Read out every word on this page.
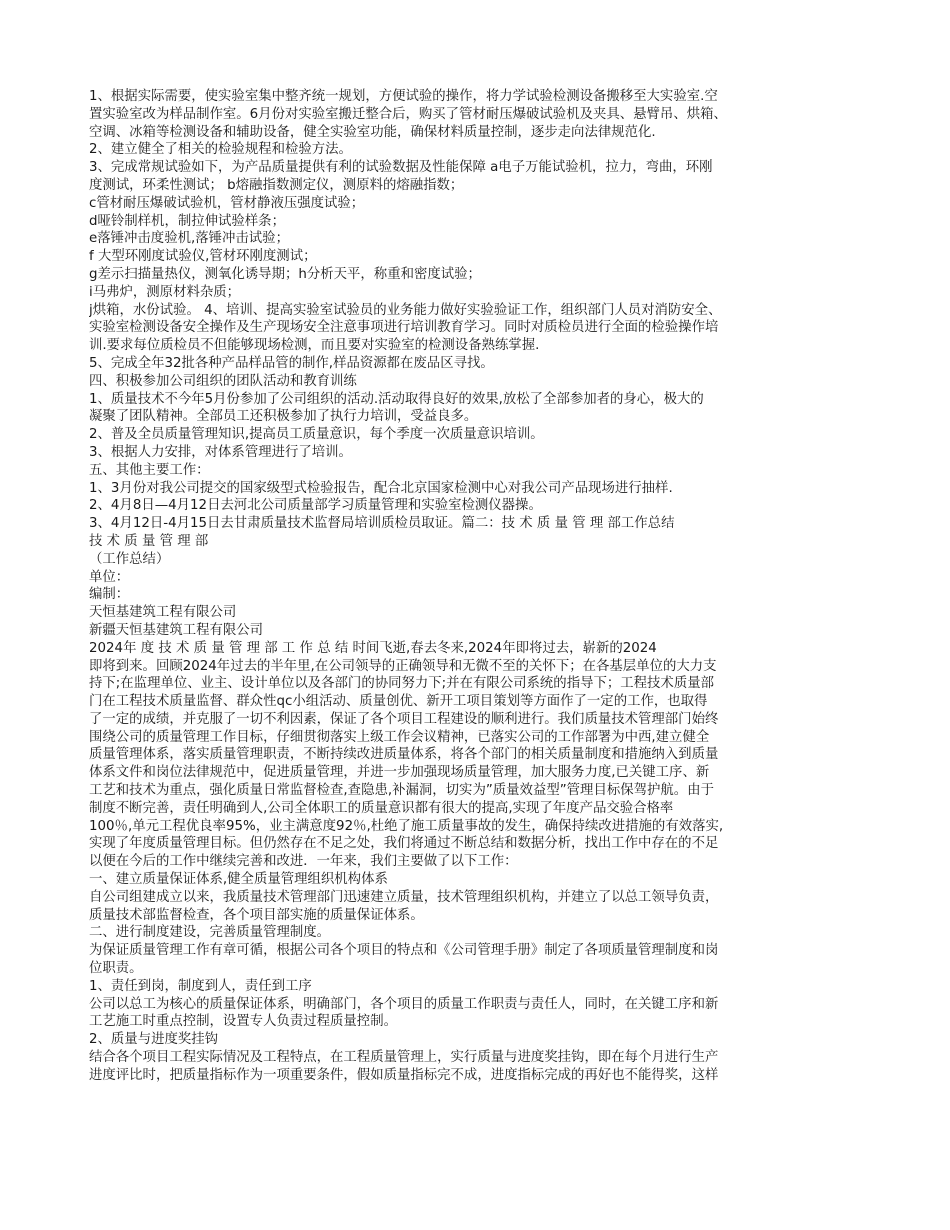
1、根据实际需要，使实验室集中整齐统一规划，方便试验的操作，将力学试验检测设备搬移至大实验室.空
置实验室改为样品制作室。6月份对实验室搬迁整合后，购买了管材耐压爆破试验机及夹具、悬臂吊、烘箱、
空调、冰箱等检测设备和辅助设备，健全实验室功能，确保材料质量控制，逐步走向法律规范化.
2、建立健全了相关的检验规程和检验方法。
3、完成常规试验如下，为产品质量提供有利的试验数据及性能保障 a电子万能试验机，拉力，弯曲，环刚
度测试，环柔性测试； b熔融指数测定仪，测原料的熔融指数；
c管材耐压爆破试验机，管材静液压强度试验；
d哑铃制样机，制拉伸试验样条；
e落锤冲击度验机,落锤冲击试验；
f 大型环刚度试验仪,管材环刚度测试；
g差示扫描量热仪，测氧化诱导期；h分析天平，称重和密度试验；
i马弗炉，测原材料杂质；
j烘箱，水份试验。 4、培训、提高实验室试验员的业务能力做好实验验证工作，组织部门人员对消防安全、
实验室检测设备安全操作及生产现场安全注意事项进行培训教育学习。同时对质检员进行全面的检验操作培
训.要求每位质检员不但能够现场检测，而且要对实验室的检测设备熟练掌握.
5、完成全年32批各种产品样品管的制作,样品资源都在废品区寻找。
四、积极参加公司组织的团队活动和教育训练
1、质量技术不今年5月份参加了公司组织的活动.活动取得良好的效果,放松了全部参加者的身心，极大的
凝聚了团队精神。全部员工还积极参加了执行力培训，受益良多。
2、普及全员质量管理知识,提高员工质量意识，每个季度一次质量意识培训。
3、根据人力安排，对体系管理进行了培训。
五、其他主要工作：
1、3月份对我公司提交的国家级型式检验报告，配合北京国家检测中心对我公司产品现场进行抽样.
2、4月8日—4月12日去河北公司质量部学习质量管理和实验室检测仪器操。
3、4月12日-4月15日去甘肃质量技术监督局培训质检员取证。篇二：技 术 质 量 管 理 部工作总结
技 术 质 量 管 理 部
（工作总结）
单位：
编制：
天恒基建筑工程有限公司
新疆天恒基建筑工程有限公司
2024年 度 技 术 质 量 管 理 部 工 作 总 结 时间飞逝,春去冬来,2024年即将过去，崭新的2024
即将到来。回顾2024年过去的半年里,在公司领导的正确领导和无微不至的关怀下；在各基层单位的大力支
持下;在监理单位、业主、设计单位以及各部门的协同努力下;并在有限公司系统的指导下；工程技术质量部
门在工程技术质量监督、群众性qc小组活动、质量创优、新开工项目策划等方面作了一定的工作，也取得
了一定的成绩，并克服了一切不利因素，保证了各个项目工程建设的顺利进行。我们质量技术管理部门始终
围绕公司的质量管理工作目标，仔细贯彻落实上级工作会议精神，已落实公司的工作部署为中西,建立健全
质量管理体系，落实质量管理职责，不断持续改进质量体系，将各个部门的相关质量制度和措施纳入到质量
体系文件和岗位法律规范中，促进质量管理，并进一步加强现场质量管理，加大服务力度,已关键工序、新
工艺和技术为重点，强化质量日常监督检查,查隐患,补漏洞，切实为”质量效益型”管理目标保驾护航。由于
制度不断完善，责任明确到人,公司全体职工的质量意识都有很大的提高,实现了年度产品交验合格率
100％,单元工程优良率95%，业主满意度92％,杜绝了施工质量事故的发生，确保持续改进措施的有效落实,
实现了年度质量管理目标。但仍然存在不足之处，我们将通过不断总结和数据分析，找出工作中存在的不足
以便在今后的工作中继续完善和改进．一年来，我们主要做了以下工作：
一、建立质量保证体系,健全质量管理组织机构体系
自公司组建成立以来，我质量技术管理部门迅速建立质量，技术管理组织机构，并建立了以总工领导负责，
质量技术部监督检查，各个项目部实施的质量保证体系。
二、进行制度建设，完善质量管理制度。
为保证质量管理工作有章可循，根据公司各个项目的特点和《公司管理手册》制定了各项质量管理制度和岗
位职责。
1、责任到岗，制度到人，责任到工序
公司以总工为核心的质量保证体系，明确部门，各个项目的质量工作职责与责任人，同时，在关键工序和新
工艺施工时重点控制，设置专人负责过程质量控制。
2、质量与进度奖挂钩
结合各个项目工程实际情况及工程特点，在工程质量管理上，实行质量与进度奖挂钩，即在每个月进行生产
进度评比时，把质量指标作为一项重要条件，假如质量指标完不成，进度指标完成的再好也不能得奖，这样
